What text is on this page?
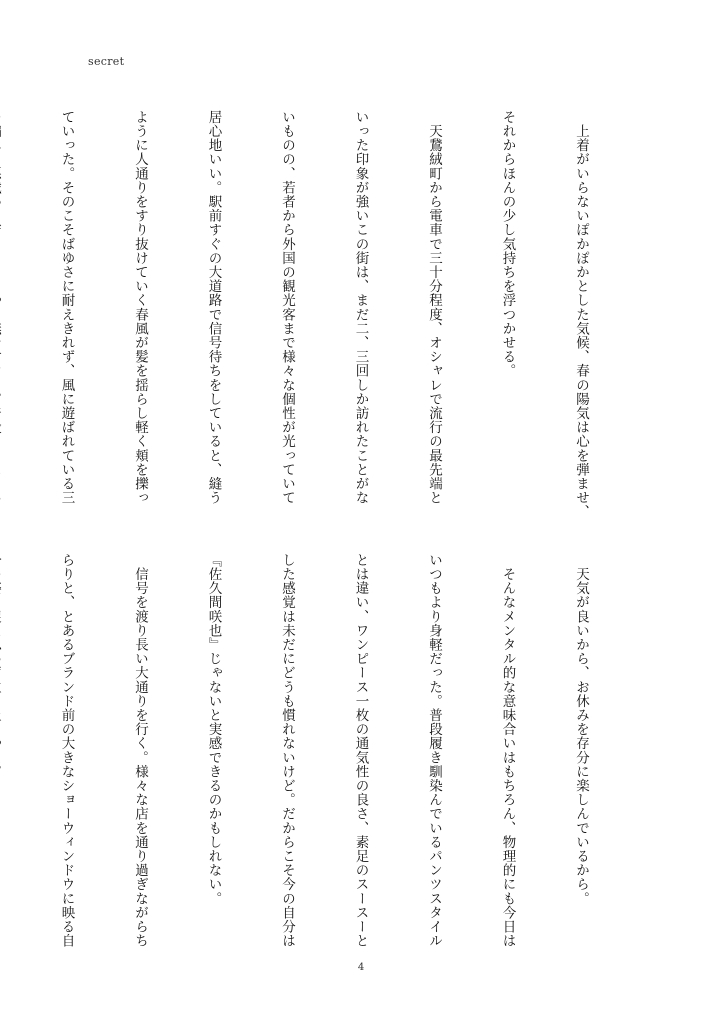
secret

　上着がいらないぽかぽかとした気候、春の陽気は心を弾ませ、

それからほんの少し気持ちを浮つかせる。

　天鵞絨町から電車で三十分程度、オシャレで流行の最先端と

いった印象が強いこの街は、まだ二、三回しか訪れたことがな

いものの、若者から外国の観光客まで様々な個性が光っていて

居心地いい。駅前すぐの大道路で信号待ちをしていると、縫う

ように人通りをすり抜けていく春風が髪を揺らし軽く頬を擽っ

ていった。そのこそばゆさに耐えきれず、風に遊ばれている三

　天気が良いから、お休みを存分に楽しんでいるから。

　そんなメンタル的な意味合いはもちろん、物理的にも今日は

いつもより身軽だった。普段履き馴染んでいるパンツスタイル

とは違い、ワンピース一枚の通気性の良さ、素足のスースーと

した感覚は未だにどうも慣れないけど。だからこそ今の自分は

『佐久間咲也』じゃないと実感できるのかもしれない。

　信号を渡り長い大通りを行く。様々な店を通り過ぎながらち

らりと、とあるブランド前の大きなショーウィンドウに映る自

4
